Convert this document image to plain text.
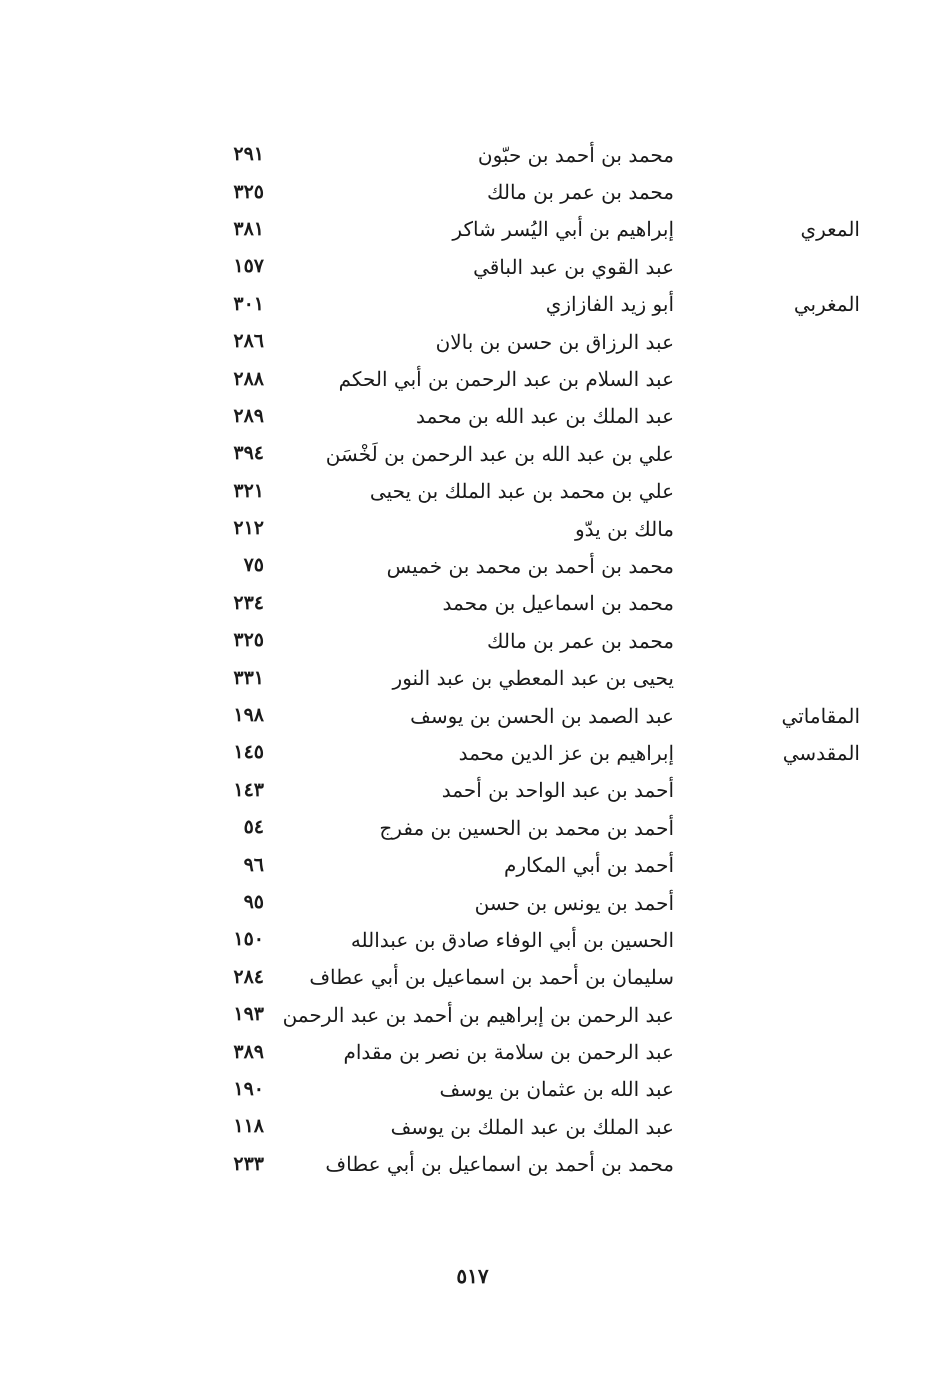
محمد بن أحمد بن حبّون
٢٩١
محمد بن عمر بن مالك
٣٢٥
المعري
إبراهيم بن أبي اليُسر شاكر
٣٨١
عبد القوي بن عبد الباقي
١٥٧
المغربي
أبو زيد الفازازي
٣٠١
عبد الرزاق بن حسن بن بالان
٢٨٦
عبد السلام بن عبد الرحمن بن أبي الحكم
٢٨٨
عبد الملك بن عبد الله بن محمد
٢٨٩
علي بن عبد الله بن عبد الرحمن بن لَخْسَن
٣٩٤
علي بن محمد بن عبد الملك بن يحيى
٣٢١
مالك بن يدّو
٢١٢
محمد بن أحمد بن محمد بن خميس
٧٥
محمد بن اسماعيل بن محمد
٢٣٤
محمد بن عمر بن مالك
٣٢٥
يحيى بن عبد المعطي بن عبد النور
٣٣١
المقاماتي
عبد الصمد بن الحسن بن يوسف
١٩٨
المقدسي
إبراهيم بن عز الدين محمد
١٤٥
أحمد بن عبد الواحد بن أحمد
١٤٣
أحمد بن محمد بن الحسين بن مفرج
٥٤
أحمد بن أبي المكارم
٩٦
أحمد بن يونس بن حسن
٩٥
الحسين بن أبي الوفاء صادق بن عبدالله
١٥٠
سليمان بن أحمد بن اسماعيل بن أبي عطاف
٢٨٤
عبد الرحمن بن إبراهيم بن أحمد بن عبد الرحمن
١٩٣
عبد الرحمن بن سلامة بن نصر بن مقدام
٣٨٩
عبد الله بن عثمان بن يوسف
١٩٠
عبد الملك بن عبد الملك بن يوسف
١١٨
محمد بن أحمد بن اسماعيل بن أبي عطاف
٢٣٣
٥١٧
